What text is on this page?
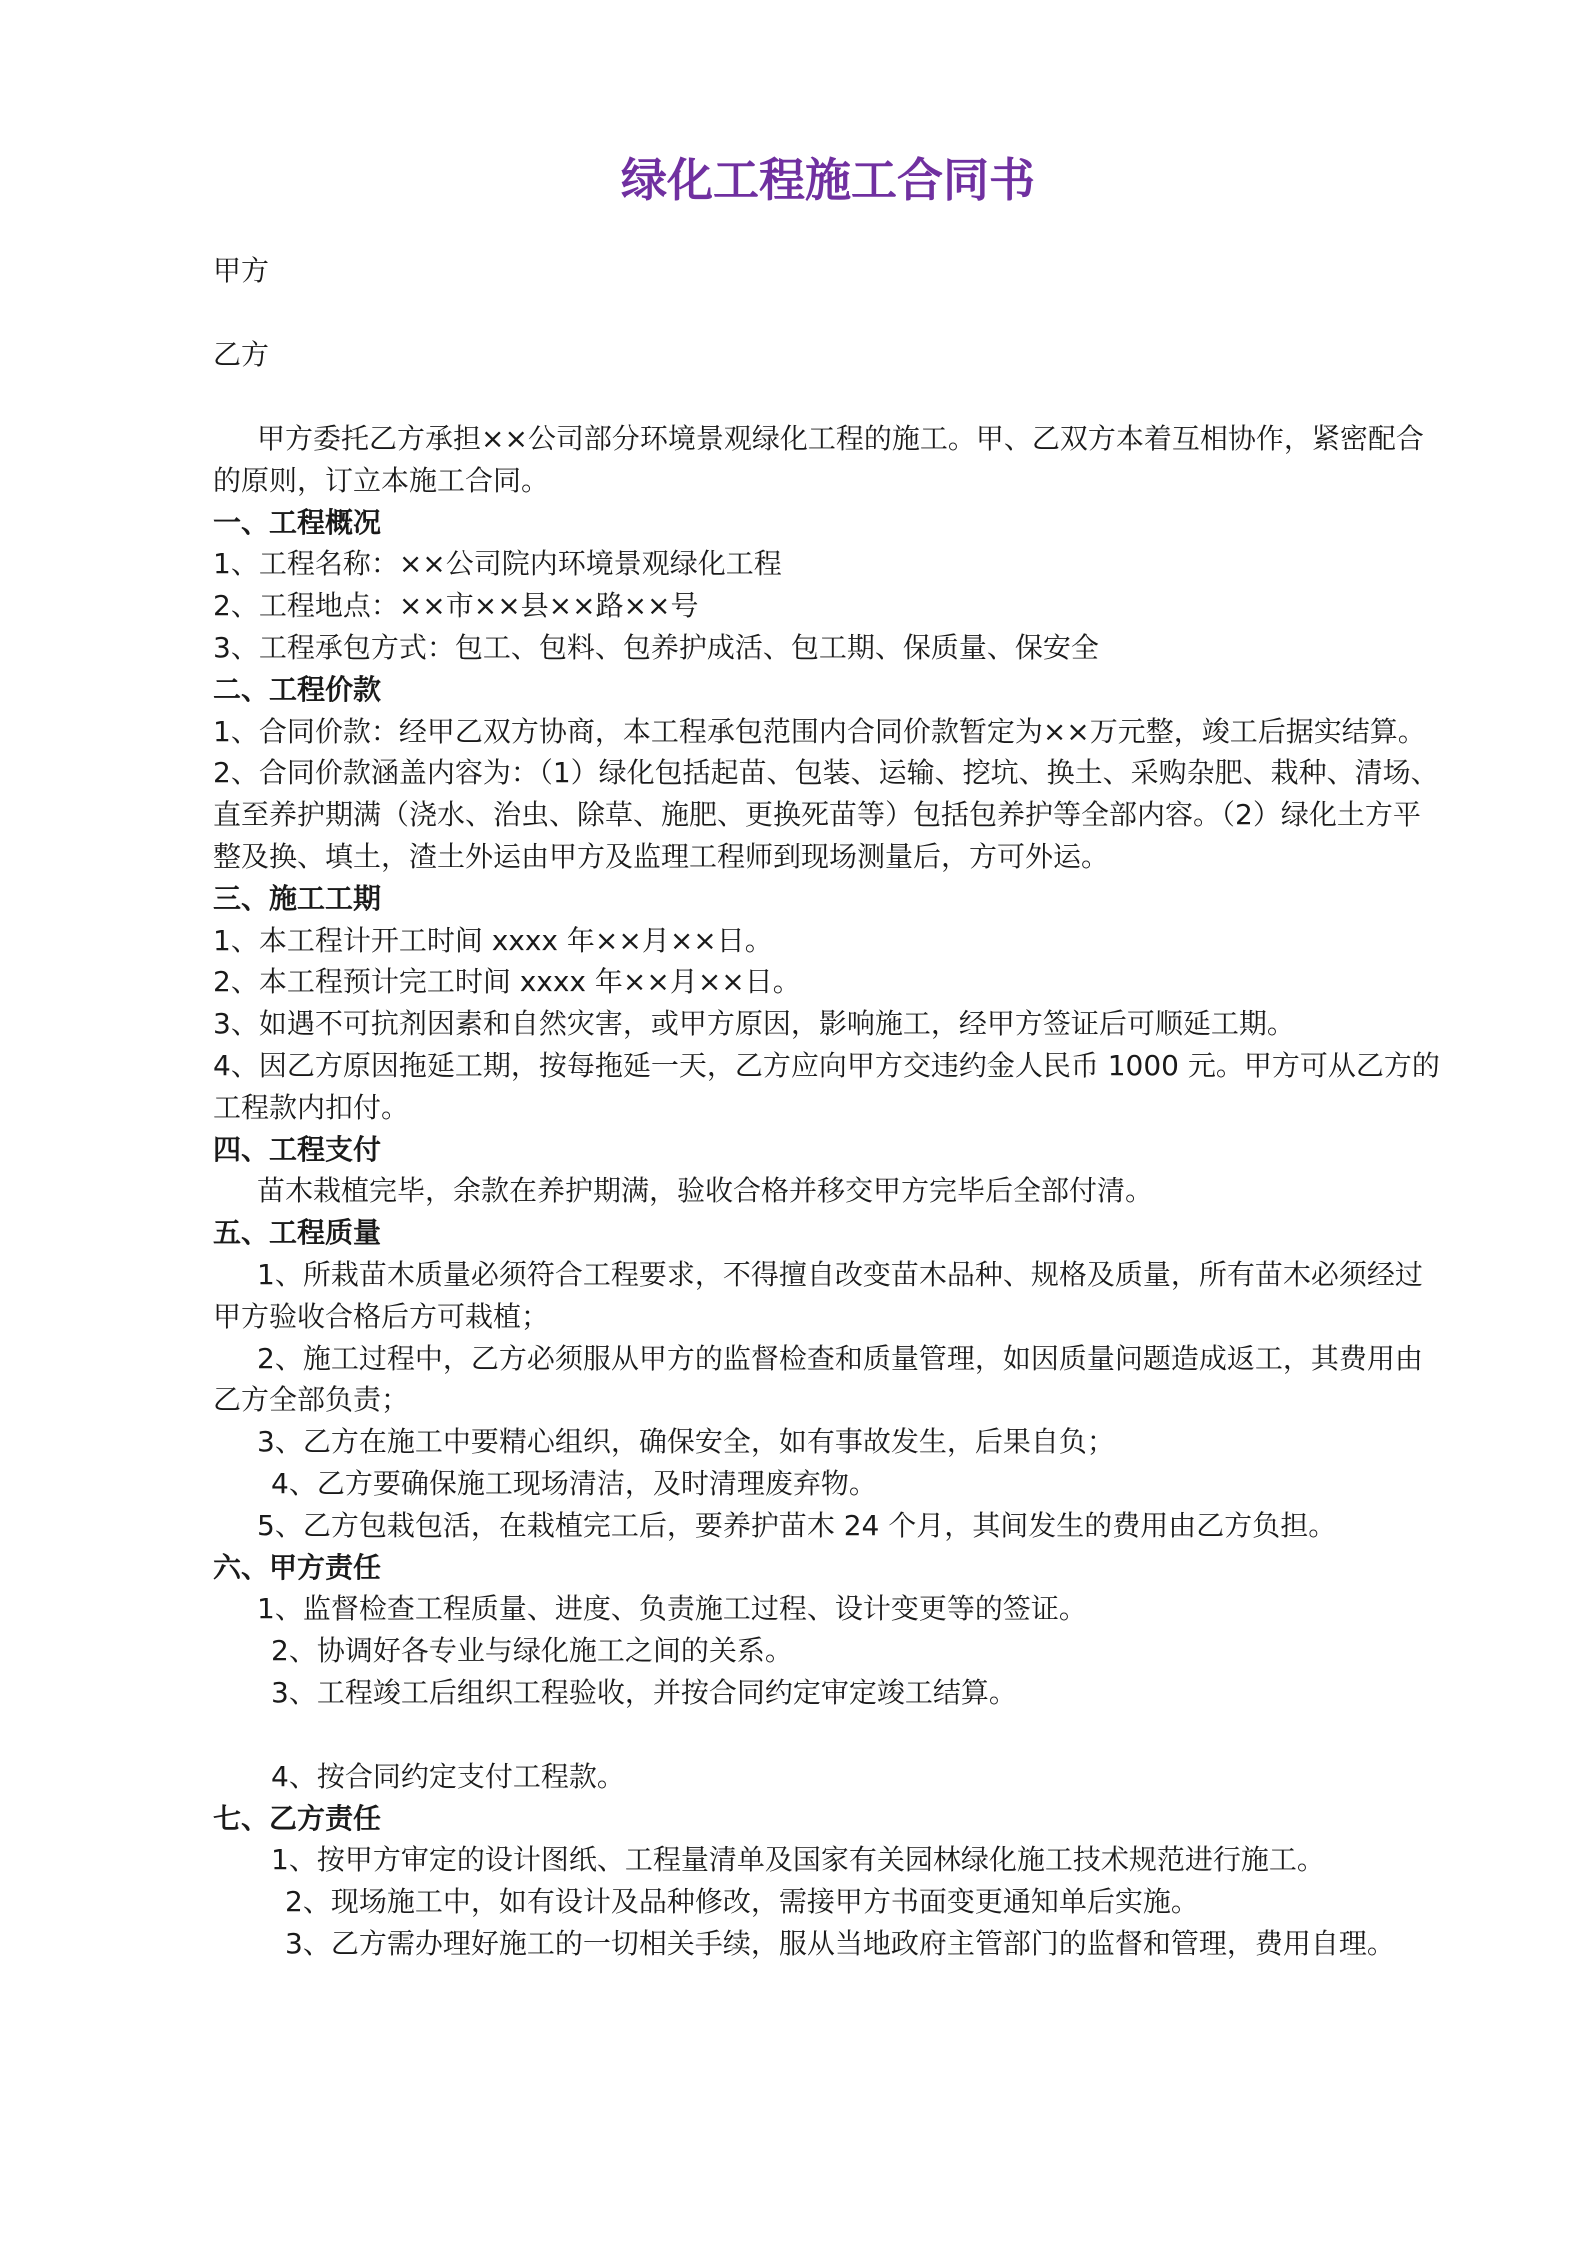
绿化工程施工合同书

甲方

乙方

甲方委托乙方承担××公司部分环境景观绿化工程的施工。甲、乙双方本着互相协作，紧密配合的原则，订立本施工合同。

一、工程概况

1、工程名称：××公司院内环境景观绿化工程

2、工程地点：××市××县××路××号

3、工程承包方式：包工、包料、包养护成活、包工期、保质量、保安全

二、工程价款

1、合同价款：经甲乙双方协商，本工程承包范围内合同价款暂定为××万元整，竣工后据实结算。

2、合同价款涵盖内容为：（1）绿化包括起苗、包装、运输、挖坑、换土、采购杂肥、栽种、清场、直至养护期满（浇水、治虫、除草、施肥、更换死苗等）包括包养护等全部内容。（2）绿化土方平整及换、填土，渣土外运由甲方及监理工程师到现场测量后，方可外运。

三、施工工期

1、本工程计开工时间 xxxx 年××月××日。

2、本工程预计完工时间 xxxx 年××月××日。

3、如遇不可抗剂因素和自然灾害，或甲方原因，影响施工，经甲方签证后可顺延工期。

4、因乙方原因拖延工期，按每拖延一天，乙方应向甲方交违约金人民币 1000 元。甲方可从乙方的工程款内扣付。

四、工程支付

苗木栽植完毕，余款在养护期满，验收合格并移交甲方完毕后全部付清。

五、工程质量

1、所栽苗木质量必须符合工程要求，不得擅自改变苗木品种、规格及质量，所有苗木必须经过甲方验收合格后方可栽植；

2、施工过程中，乙方必须服从甲方的监督检查和质量管理，如因质量问题造成返工，其费用由乙方全部负责；

3、乙方在施工中要精心组织，确保安全，如有事故发生，后果自负；

4、乙方要确保施工现场清洁，及时清理废弃物。

5、乙方包栽包活，在栽植完工后，要养护苗木 24 个月，其间发生的费用由乙方负担。

六、甲方责任

1、监督检查工程质量、进度、负责施工过程、设计变更等的签证。

2、协调好各专业与绿化施工之间的关系。

3、工程竣工后组织工程验收，并按合同约定审定竣工结算。

4、按合同约定支付工程款。

七、乙方责任

1、按甲方审定的设计图纸、工程量清单及国家有关园林绿化施工技术规范进行施工。

2、现场施工中，如有设计及品种修改，需接甲方书面变更通知单后实施。

3、乙方需办理好施工的一切相关手续，服从当地政府主管部门的监督和管理，费用自理。
